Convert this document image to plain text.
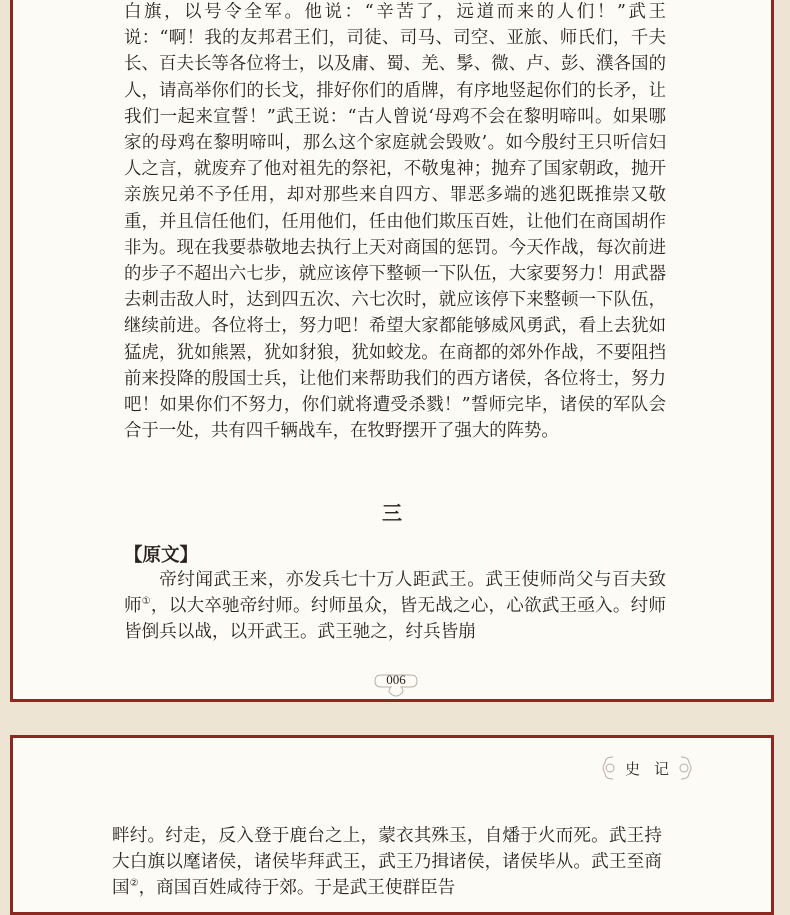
白旗，以号令全军。他说：“辛苦了，远道而来的人们！”武王说：“啊！我的友邦君王们，司徒、司马、司空、亚旅、师氏们，千夫长、百夫长等各位将士，以及庸、蜀、羌、髳、微、卢、彭、濮各国的人，请高举你们的长戈，排好你们的盾牌，有序地竖起你们的长矛，让我们一起来宣誓！”武王说：“古人曾说‘母鸡不会在黎明啼叫。如果哪家的母鸡在黎明啼叫，那么这个家庭就会毁败’。如今殷纣王只听信妇人之言，就废弃了他对祖先的祭祀，不敬鬼神；抛弃了国家朝政，抛开亲族兄弟不予任用，却对那些来自四方、罪恶多端的逃犯既推崇又敬重，并且信任他们，任用他们，任由他们欺压百姓，让他们在商国胡作非为。现在我要恭敬地去执行上天对商国的惩罚。今天作战，每次前进的步子不超出六七步，就应该停下整顿一下队伍，大家要努力！用武器去刺击敌人时，达到四五次、六七次时，就应该停下来整顿一下队伍，继续前进。各位将士，努力吧！希望大家都能够威风勇武，看上去犹如猛虎，犹如熊罴，犹如豺狼，犹如蛟龙。在商都的郊外作战，不要阻挡前来投降的殷国士兵，让他们来帮助我们的西方诸侯，各位将士，努力吧！如果你们不努力，你们就将遭受杀戮！”誓师完毕，诸侯的军队会合于一处，共有四千辆战车，在牧野摆开了强大的阵势。

三

【原文】

帝纣闻武王来，亦发兵七十万人距武王。武王使师尚父与百夫致师①，以大卒驰帝纣师。纣师虽众，皆无战之心，心欲武王亟入。纣师皆倒兵以战，以开武王。武王驰之，纣兵皆崩

006
史记

畔纣。纣走，反入登于鹿台之上，蒙衣其殊玉，自燔于火而死。武王持大白旗以麾诸侯，诸侯毕拜武王，武王乃揖诸侯，诸侯毕从。武王至商国②，商国百姓咸待于郊。于是武王使群臣告
